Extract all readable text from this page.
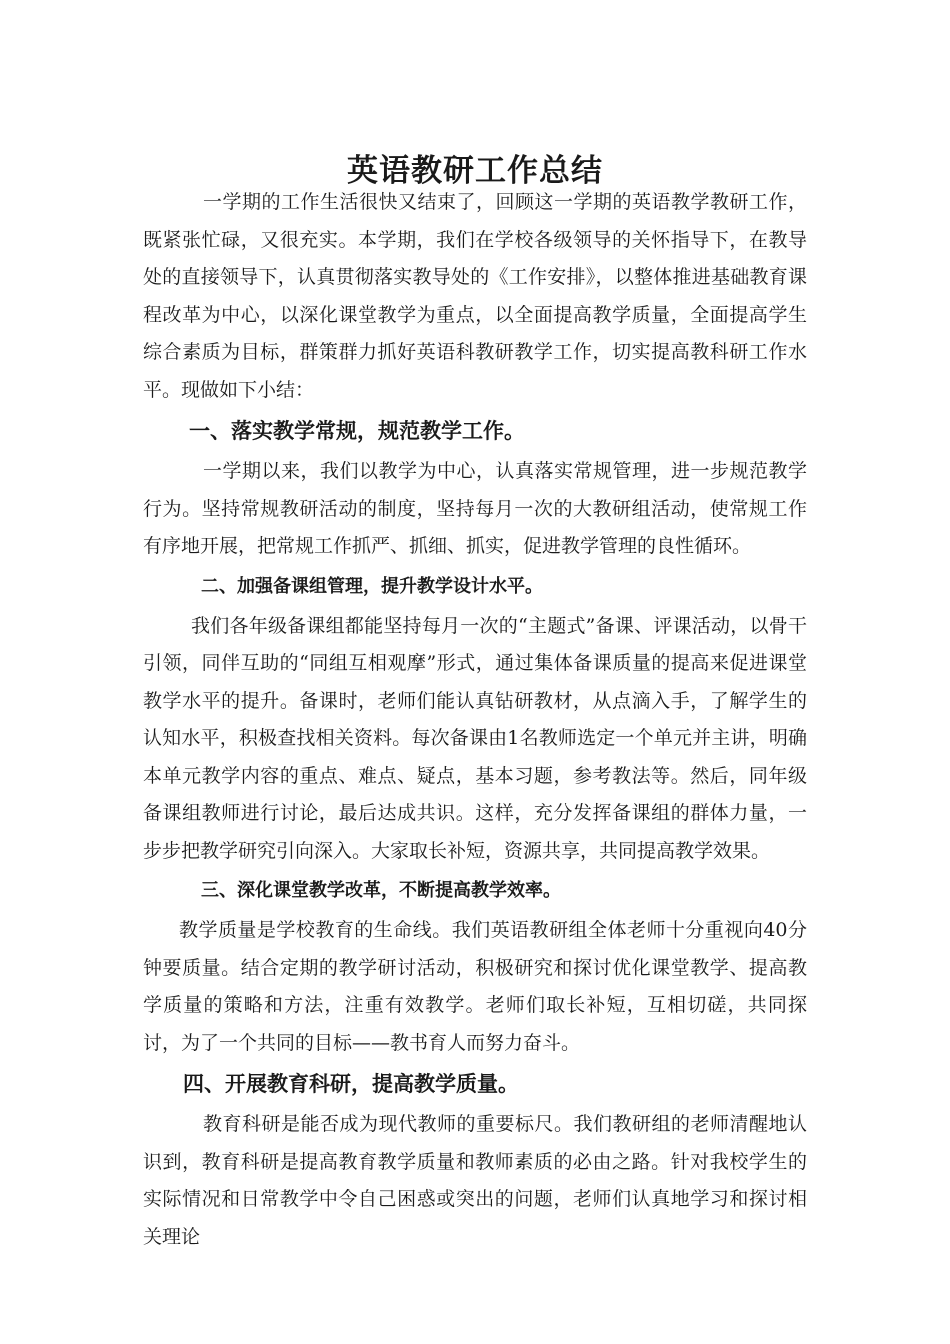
英语教研工作总结

一学期的工作生活很快又结束了，回顾这一学期的英语教学教研工作，既紧张忙碌，又很充实。本学期，我们在学校各级领导的关怀指导下，在教导处的直接领导下，认真贯彻落实教导处的《工作安排》，以整体推进基础教育课程改革为中心，以深化课堂教学为重点，以全面提高教学质量，全面提高学生综合素质为目标，群策群力抓好英语科教研教学工作，切实提高教科研工作水平。现做如下小结：

一、落实教学常规，规范教学工作。

一学期以来，我们以教学为中心，认真落实常规管理，进一步规范教学行为。坚持常规教研活动的制度，坚持每月一次的大教研组活动，使常规工作有序地开展，把常规工作抓严、抓细、抓实，促进教学管理的良性循环。

二、加强备课组管理，提升教学设计水平。

我们各年级备课组都能坚持每月一次的“主题式”备课、评课活动，以骨干引领，同伴互助的“同组互相观摩”形式，通过集体备课质量的提高来促进课堂教学水平的提升。备课时，老师们能认真钻研教材，从点滴入手，了解学生的认知水平，积极查找相关资料。每次备课由1名教师选定一个单元并主讲，明确本单元教学内容的重点、难点、疑点，基本习题，参考教法等。然后，同年级备课组教师进行讨论，最后达成共识。这样，充分发挥备课组的群体力量，一步步把教学研究引向深入。大家取长补短，资源共享，共同提高教学效果。

三、深化课堂教学改革，不断提高教学效率。

教学质量是学校教育的生命线。我们英语教研组全体老师十分重视向40分钟要质量。结合定期的教学研讨活动，积极研究和探讨优化课堂教学、提高教学质量的策略和方法，注重有效教学。老师们取长补短，互相切磋，共同探讨，为了一个共同的目标——教书育人而努力奋斗。

四、开展教育科研，提高教学质量。

教育科研是能否成为现代教师的重要标尺。我们教研组的老师清醒地认识到，教育科研是提高教育教学质量和教师素质的必由之路。针对我校学生的实际情况和日常教学中令自己困惑或突出的问题，老师们认真地学习和探讨相关理论
